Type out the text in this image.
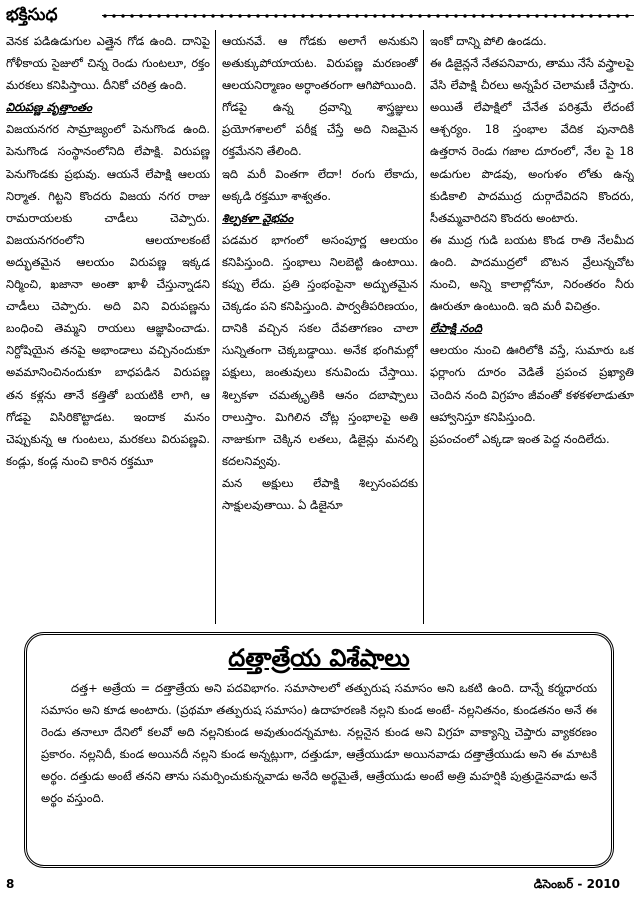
భక్తిసుధ

వెనక పడిఉడుగుల ఎత్తైన గోడ ఉంది. దానిపై గోళీకాయ సైజులో చిన్న రెండు గుంటలూ, రక్తం మరకలు కనిపిస్తాయి. దీనికో చరిత్ర ఉంది.

విరుపణ్ణ వృత్తాంతం

విజయనగర సామ్రాజ్యంలో పెనుగొండ ఉంది. పెనుగొండ సంస్థానంలోనిది లేపాక్షి. విరుపణ్ణ పెనుగొండకు ప్రభువు. ఆయనే లేపాక్షి ఆలయ నిర్మాత. గిట్టని కొందరు విజయ నగర రాజు రామరాయలకు చాడీలు చెప్పారు. విజయనగరంలోని ఆలయాలకంటే అద్భుతమైన ఆలయం విరుపణ్ణ ఇక్కడ నిర్మించి, ఖజానా అంతా ఖాళీ చేస్తున్నాడని చాడీలు చెప్పారు. అది విని విరుపణ్ణను బంధించి తెమ్మని రాయలు ఆజ్ఞాపించాడు. నిర్దోషియైన తనపై అభాండాలు వచ్చినందుకూ అవమానించినందుకూ బాధపడిన విరుపణ్ణ తన కళ్లను తానే కత్తితో బయటికి లాగి, ఆ గోడపై విసిరికొట్టాడట. ఇందాక మనం చెప్పుకున్న ఆ గుంటలు, మరకలు విరుపణ్ణవి. కండ్లు, కండ్ల నుంచి కారిన రక్తమూ

ఆయనవే. ఆ గోడకు అలాగే అనుకుని అతుక్కుపోయాయట. విరుపణ్ణ మరణంతో ఆలయనిర్మాణం అర్ధాంతరంగా ఆగిపోయింది.

గోడపై ఉన్న ద్రవాన్ని శాస్త్రజ్ఞులు ప్రయోగశాలలో పరీక్ష చేస్తే అది నిజమైన రక్తమేనని తేలింది.

ఇది మరీ వింతగా లేదా! రంగు లేకాదు, అక్కడి రక్తమూ శాశ్వతం.

శిల్పకళా వైభవం

పడమర భాగంలో అసంపూర్ణ ఆలయం కనిపిస్తుంది. స్తంభాలు నిలబెట్టి ఉంటాయి. కప్పు లేదు. ప్రతి స్తంభంపైనా అద్భుతమైన చెక్కడం పని కనిపిస్తుంది. పార్వతీపరిణయం, దానికి వచ్చిన సకల దేవతాగణం చాలా సున్నితంగా చెక్కబడ్డాయి. అనేక భంగిమల్లో పక్షులు, జంతువులు కనువిందు చేస్తాయి. శిల్పకళా చమత్కృతికి ఆనం దబాష్పాలు రాలుస్తాం. మిగిలిన చోట్ల స్తంభాలపై అతి నాజుకుగా చెక్కిన లతలు, డిజైన్లు మనల్ని కదలనివ్వవు.

మన అక్షులు లేపాక్షి శిల్పసంపదకు సాక్షులవుతాయి. ఏ డిజైనూ

ఇంకో దాన్ని పోలి ఉండదు.

ఈ డిజైన్లనే నేతపనివారు, తాము నేసే వస్త్రాలపై వేసి లేపాక్షి చీరలు అన్నపేర చెలామణీ చేస్తారు. అయితే లేపాక్షిలో చేనేత పరిశ్రమే లేదంటే ఆశ్చర్యం. 18 స్తంభాల వేదిక పునాదికి ఉత్తరాన రెండు గజాల దూరంలో, నేల పై 18 అడుగుల పొడవు, అంగుళం లోతు ఉన్న కుడికాలి పాదముద్ర దుర్గాదేవిదని కొందరు, సీతమ్మవారిదని కొందరు అంటారు.

ఈ ముద్ర గుడి బయట కొండ రాతి నేలమీద ఉంది. పాదముద్రలో బొటన వ్రేలున్నచోట నుంచి, అన్ని కాలాల్లోనూ, నిరంతరం నీరు ఊరుతూ ఉంటుంది. ఇది మరీ విచిత్రం.

లేపాక్షి నంది

ఆలయం నుంచి ఊరిలోకి వస్తే, సుమారు ఒక ఫర్లాంగు దూరం వెడితే ప్రపంచ ప్రఖ్యాతి చెందిన నంది విగ్రహం జీవంతో కళకళలాడుతూ ఆహ్వానిస్తూ కనిపిస్తుంది.

ప్రపంచంలో ఎక్కడా ఇంత పెద్ద నందిలేదు.

దత్తాత్రేయ విశేషాలు

దత్త+ అత్రేయ = దత్తాత్రేయ అని పదవిభాగం. సమాసాలలో తత్పురుష సమాసం అని ఒకటి ఉంది. దాన్నే కర్మధారయ సమాసం అని కూడ అంటారు. (ప్రథమా తత్పురుష సమాసం) ఉదాహరణకి నల్లని కుండ అంటే- నల్లనితనం, కుండతనం అనే ఈ రెండు తనాలూ దేనిలో కలవో అది నల్లనికుండ అవుతుందన్నమాట. నల్లనైన కుండ అని విగ్రహ వాక్యాన్ని చెప్తారు వ్యాకరణం ప్రకారం. నల్లనిదీ, కుండ అయినదీ నల్లని కుండ అన్నట్లుగా, దత్తుడూ, ఆత్రేయుడూ అయినవాడు దత్తాత్రేయుడు అని ఈ మాటకి అర్థం. దత్తుడు అంటే తనని తాను సమర్పించుకున్నవాడు అనేది అర్థమైతే, ఆత్రేయుడు అంటే అత్రి మహర్షికి పుత్రుడైనవాడు అనే అర్థం వస్తుంది.

8	డిసెంబర్ - 2010
